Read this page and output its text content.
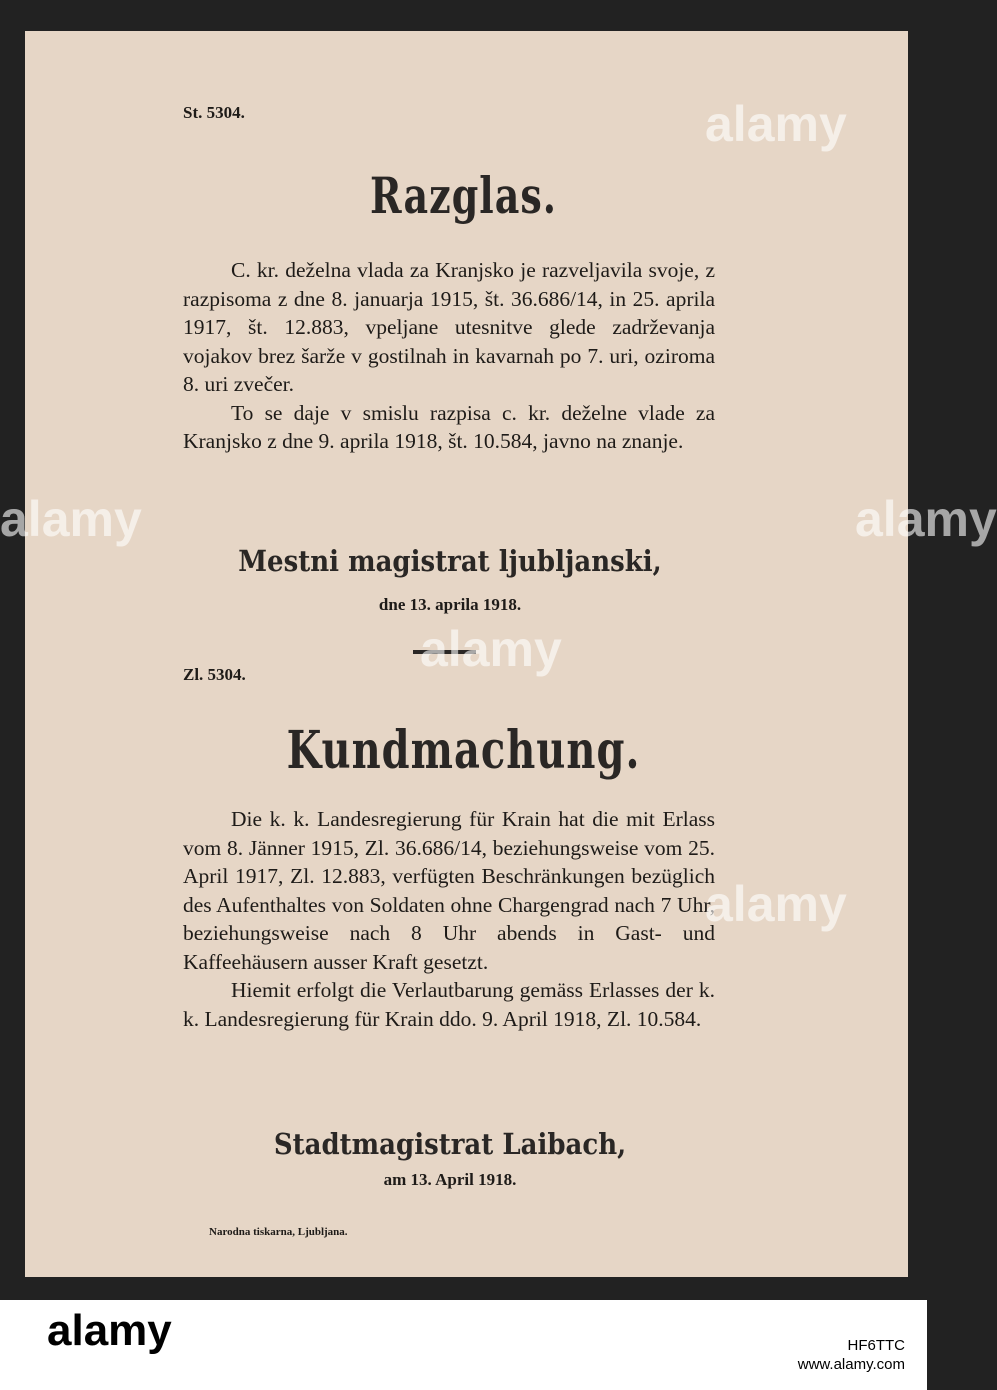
St. 5304.
Razglas.

C. kr. deželna vlada za Kranjsko je razveljavila svoje, z razpisoma z dne 8. januarja 1915, št. 36.686/14, in 25. aprila 1917, št. 12.883, vpeljane utesnitve glede zadrževanja vojakov brez šarže v gostilnah in kavarnah po 7. uri, oziroma 8. uri zvečer.

To se daje v smislu razpisa c. kr. deželne vlade za Kranjsko z dne 9. aprila 1918, št. 10.584, javno na znanje.

Mestni magistrat ljubljanski,
dne 13. aprila 1918.
Zl. 5304.
Kundmachung.

Die k. k. Landesregierung für Krain hat die mit Erlass vom 8. Jänner 1915, Zl. 36.686/14, beziehungsweise vom 25. April 1917, Zl. 12.883, verfügten Beschränkungen bezüglich des Aufenthaltes von Soldaten ohne Chargengrad nach 7 Uhr, beziehungsweise nach 8 Uhr abends in Gast- und Kaffeehäusern ausser Kraft gesetzt.

Hiemit erfolgt die Verlautbarung gemäss Erlasses der k. k. Landesregierung für Krain ddo. 9. April 1918, Zl. 10.584.

Stadtmagistrat Laibach,
am 13. April 1918.
Narodna tiskarna, Ljubljana.
alamy
alamy
alamy
alamy
alamy
alamy	HF6TTC
www.alamy.com
